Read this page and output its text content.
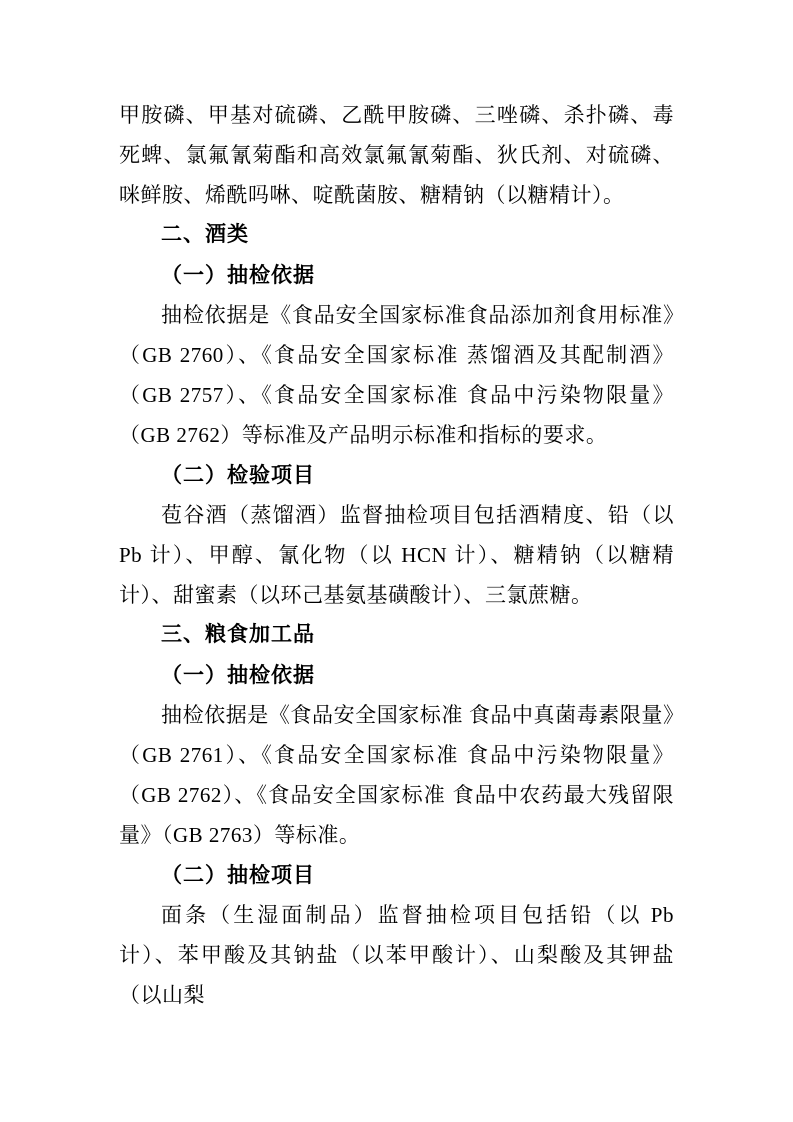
甲胺磷、甲基对硫磷、乙酰甲胺磷、三唑磷、杀扑磷、毒死蜱、氯氟氰菊酯和高效氯氟氰菊酯、狄氏剂、对硫磷、咪鲜胺、烯酰吗啉、啶酰菌胺、糖精钠（以糖精计）。

二、酒类
（一）抽检依据

抽检依据是《食品安全国家标准食品添加剂食用标准》（GB 2760）、《食品安全国家标准 蒸馏酒及其配制酒》（GB 2757）、《食品安全国家标准 食品中污染物限量》（GB 2762）等标准及产品明示标准和指标的要求。

（二）检验项目

苞谷酒（蒸馏酒）监督抽检项目包括酒精度、铅（以 Pb 计）、甲醇、氰化物（以 HCN 计）、糖精钠（以糖精计）、甜蜜素（以环己基氨基磺酸计）、三氯蔗糖。

三、粮食加工品
（一）抽检依据

抽检依据是《食品安全国家标准 食品中真菌毒素限量》（GB 2761）、《食品安全国家标准 食品中污染物限量》（GB 2762）、《食品安全国家标准 食品中农药最大残留限量》（GB 2763）等标准。

（二）抽检项目

面条（生湿面制品）监督抽检项目包括铅（以 Pb 计）、苯甲酸及其钠盐（以苯甲酸计）、山梨酸及其钾盐（以山梨
